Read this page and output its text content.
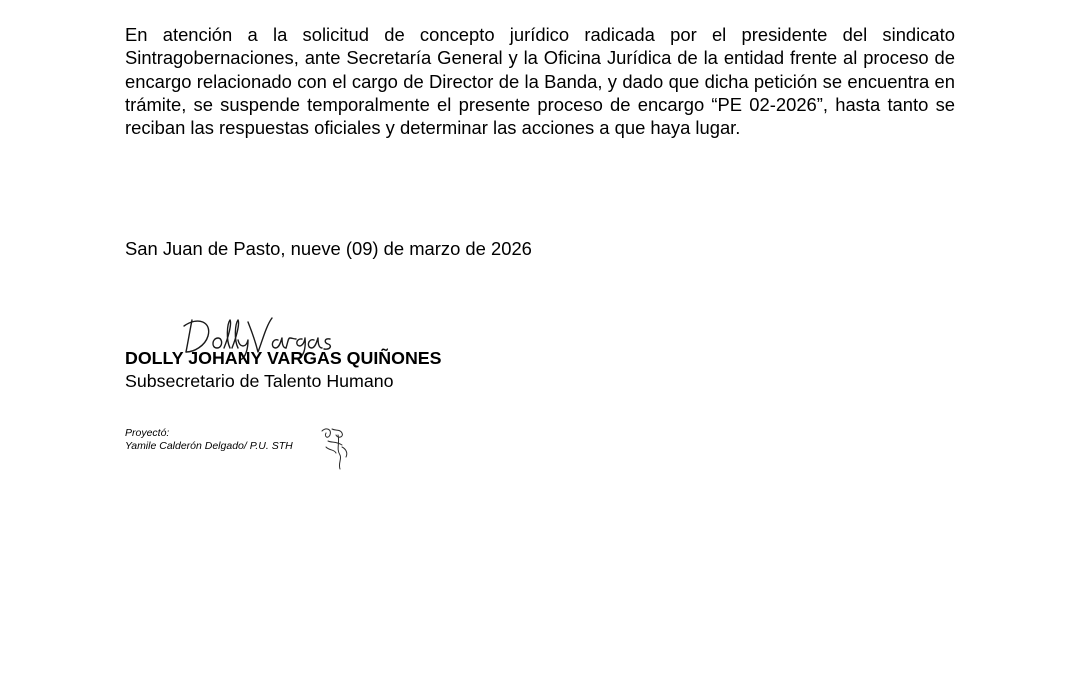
En atención a la solicitud de concepto jurídico radicada por el presidente del sindicato Sintragobernaciones, ante Secretaría General y la Oficina Jurídica de la entidad frente al proceso de encargo relacionado con el cargo de Director de la Banda, y dado que dicha petición se encuentra en trámite, se suspende temporalmente el presente proceso de encargo “PE 02-2026”, hasta tanto se reciban las respuestas oficiales y determinar las acciones a que haya lugar.

San Juan de Pasto, nueve (09) de marzo de 2026

DOLLY JOHANY VARGAS QUIÑONES

Subsecretario de Talento Humano

Proyectó:

Yamile Calderón Delgado/ P.U. STH
